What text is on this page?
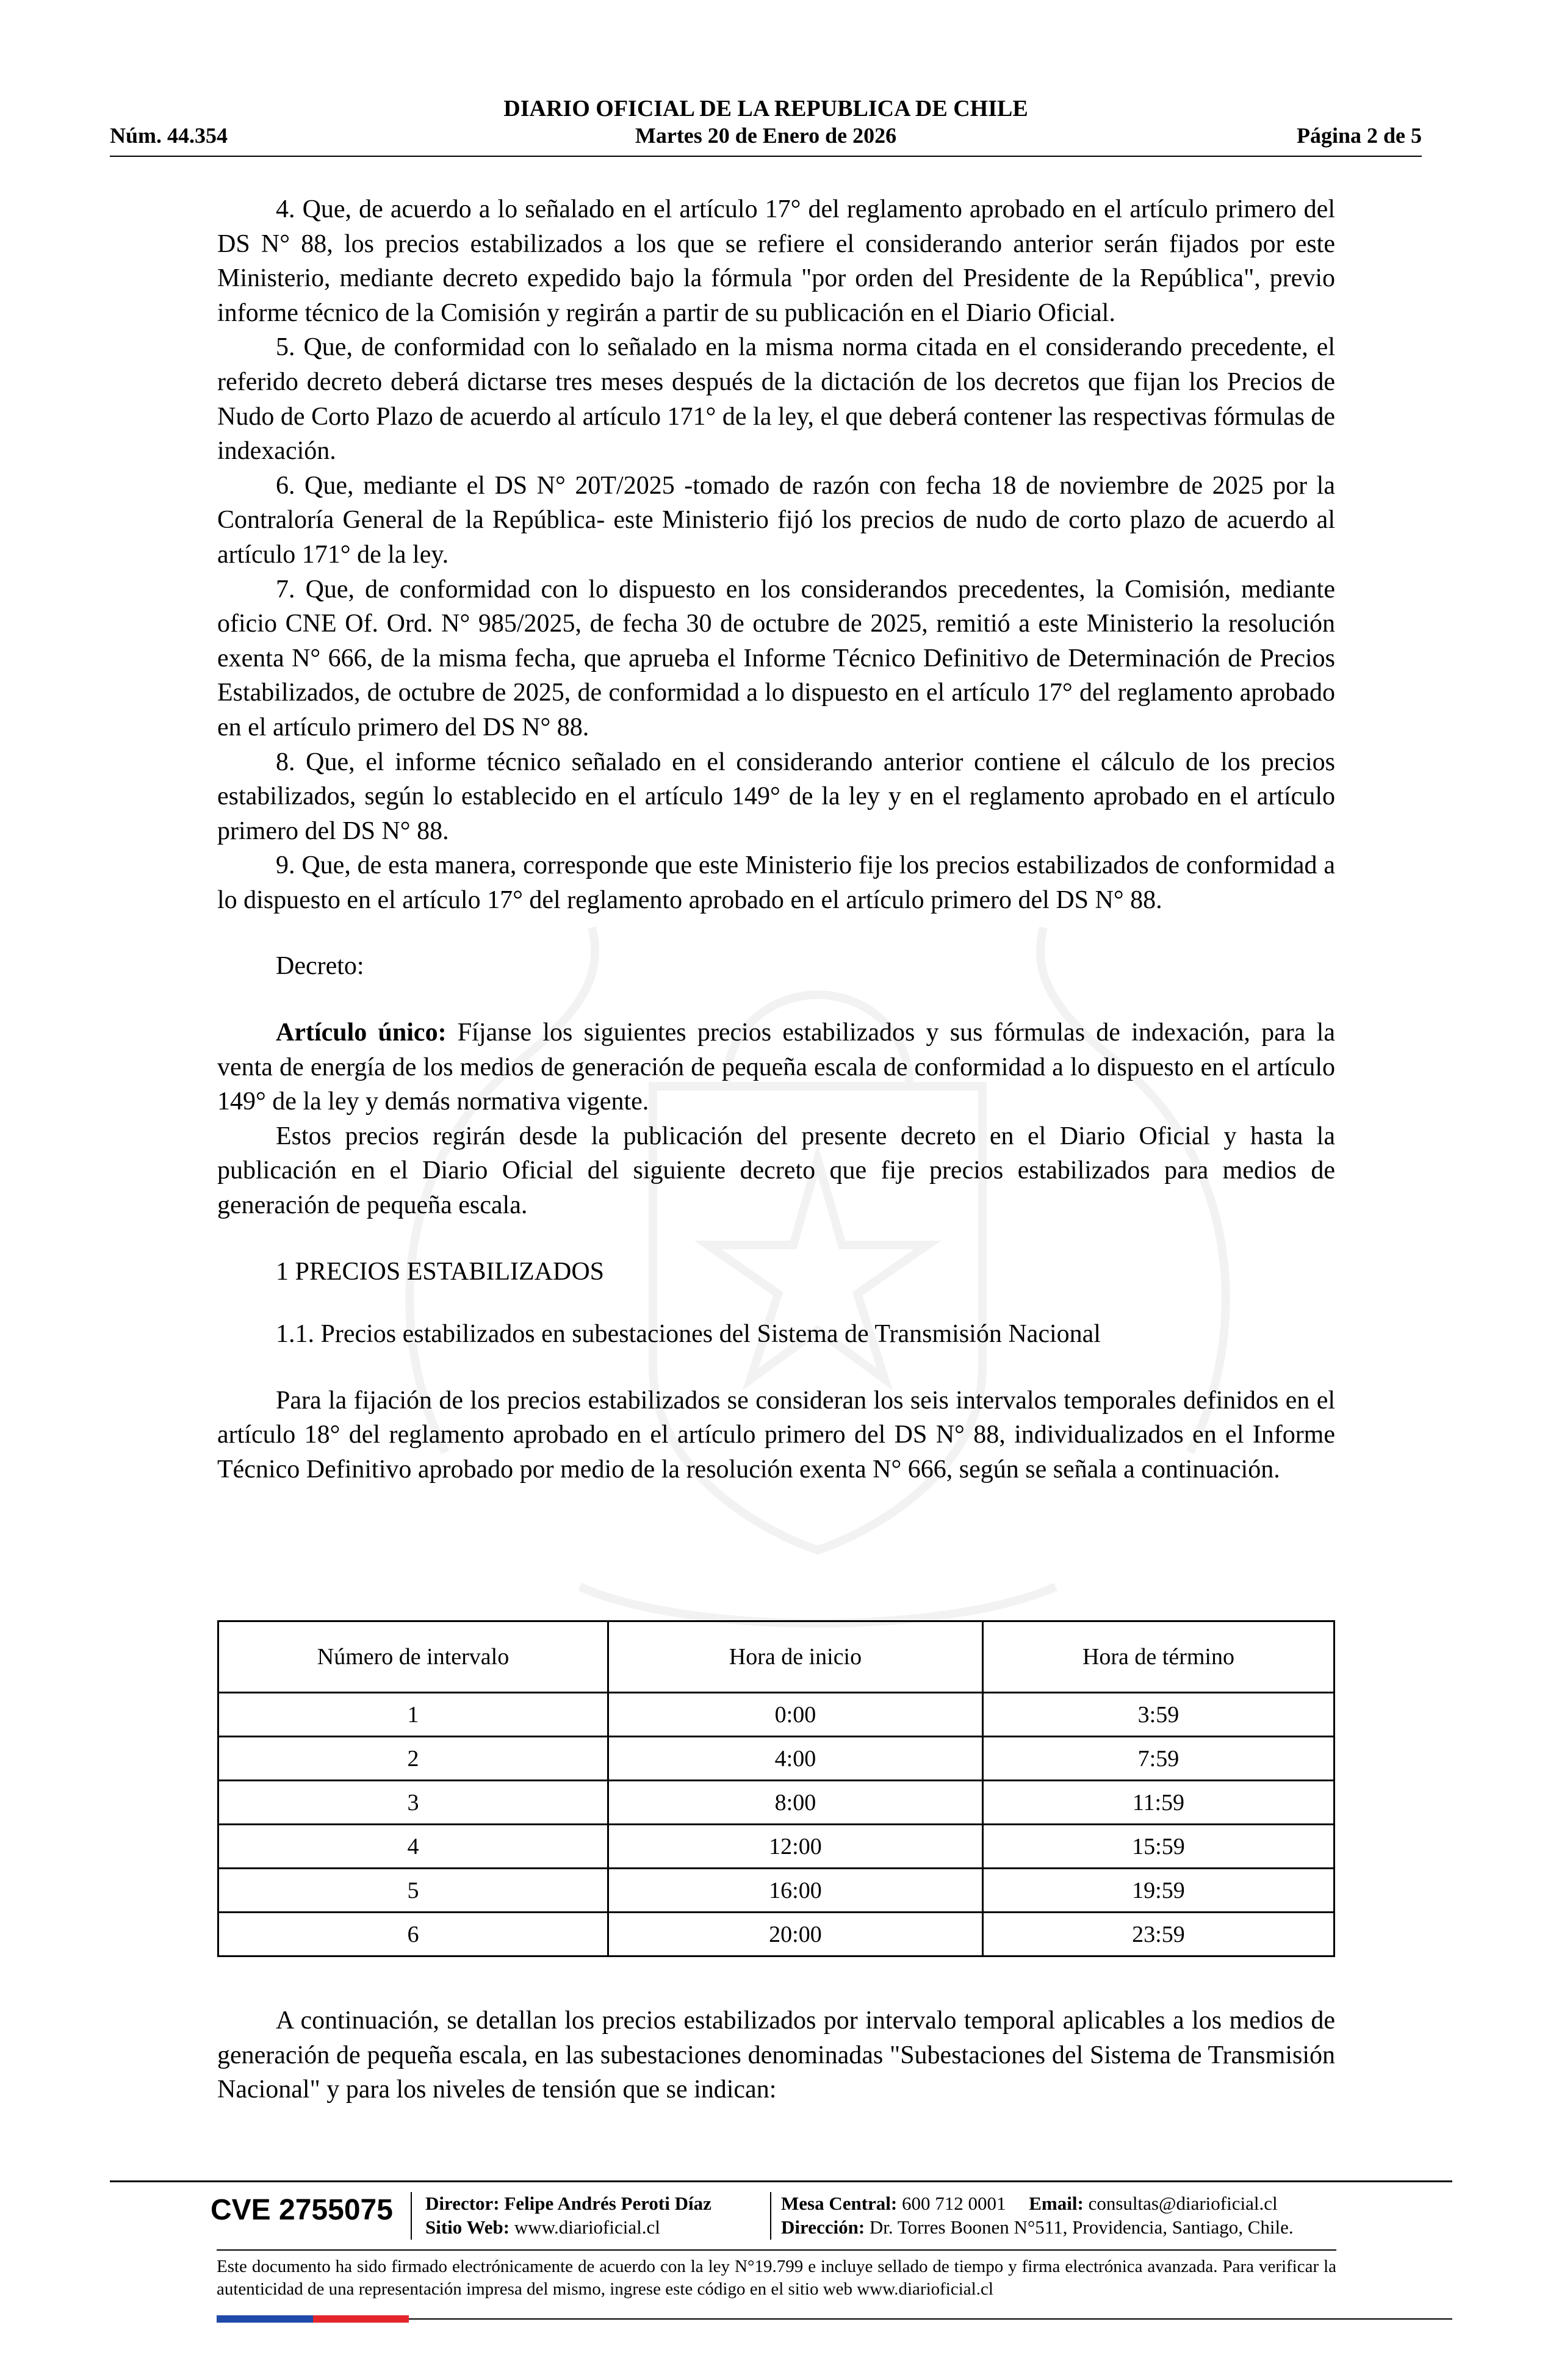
DIARIO OFICIAL DE LA REPUBLICA DE CHILE
Núm. 44.354	Martes 20 de Enero de 2026	Página 2 de 5

4. Que, de acuerdo a lo señalado en el artículo 17° del reglamento aprobado en el artículo primero del DS N° 88, los precios estabilizados a los que se refiere el considerando anterior serán fijados por este Ministerio, mediante decreto expedido bajo la fórmula "por orden del Presidente de la República", previo informe técnico de la Comisión y regirán a partir de su publicación en el Diario Oficial.

5. Que, de conformidad con lo señalado en la misma norma citada en el considerando precedente, el referido decreto deberá dictarse tres meses después de la dictación de los decretos que fijan los Precios de Nudo de Corto Plazo de acuerdo al artículo 171° de la ley, el que deberá contener las respectivas fórmulas de indexación.

6. Que, mediante el DS N° 20T/2025 -tomado de razón con fecha 18 de noviembre de 2025 por la Contraloría General de la República- este Ministerio fijó los precios de nudo de corto plazo de acuerdo al artículo 171° de la ley.

7. Que, de conformidad con lo dispuesto en los considerandos precedentes, la Comisión, mediante oficio CNE Of. Ord. N° 985/2025, de fecha 30 de octubre de 2025, remitió a este Ministerio la resolución exenta N° 666, de la misma fecha, que aprueba el Informe Técnico Definitivo de Determinación de Precios Estabilizados, de octubre de 2025, de conformidad a lo dispuesto en el artículo 17° del reglamento aprobado en el artículo primero del DS N° 88.

8. Que, el informe técnico señalado en el considerando anterior contiene el cálculo de los precios estabilizados, según lo establecido en el artículo 149° de la ley y en el reglamento aprobado en el artículo primero del DS N° 88.

9. Que, de esta manera, corresponde que este Ministerio fije los precios estabilizados de conformidad a lo dispuesto en el artículo 17° del reglamento aprobado en el artículo primero del DS N° 88.

Decreto:

Artículo único: Fíjanse los siguientes precios estabilizados y sus fórmulas de indexación, para la venta de energía de los medios de generación de pequeña escala de conformidad a lo dispuesto en el artículo 149° de la ley y demás normativa vigente.

Estos precios regirán desde la publicación del presente decreto en el Diario Oficial y hasta la publicación en el Diario Oficial del siguiente decreto que fije precios estabilizados para medios de generación de pequeña escala.

1 PRECIOS ESTABILIZADOS

1.1. Precios estabilizados en subestaciones del Sistema de Transmisión Nacional

Para la fijación de los precios estabilizados se consideran los seis intervalos temporales definidos en el artículo 18° del reglamento aprobado en el artículo primero del DS N° 88, individualizados en el Informe Técnico Definitivo aprobado por medio de la resolución exenta N° 666, según se señala a continuación.

Número de intervalo	Hora de inicio	Hora de término
1	0:00	3:59
2	4:00	7:59
3	8:00	11:59
4	12:00	15:59
5	16:00	19:59
6	20:00	23:59

A continuación, se detallan los precios estabilizados por intervalo temporal aplicables a los medios de generación de pequeña escala, en las subestaciones denominadas "Subestaciones del Sistema de Transmisión Nacional" y para los niveles de tensión que se indican:

CVE 2755075 Director: Felipe Andrés Peroti Díaz
Sitio Web: www.diarioficial.cl
Mesa Central: 600 712 0001 Email: consultas@diarioficial.cl
Dirección: Dr. Torres Boonen N°511, Providencia, Santiago, Chile.
Este documento ha sido firmado electrónicamente de acuerdo con la ley N°19.799 e incluye sellado de tiempo y firma electrónica avanzada. Para verificar la autenticidad de una representación impresa del mismo, ingrese este código en el sitio web www.diarioficial.cl
